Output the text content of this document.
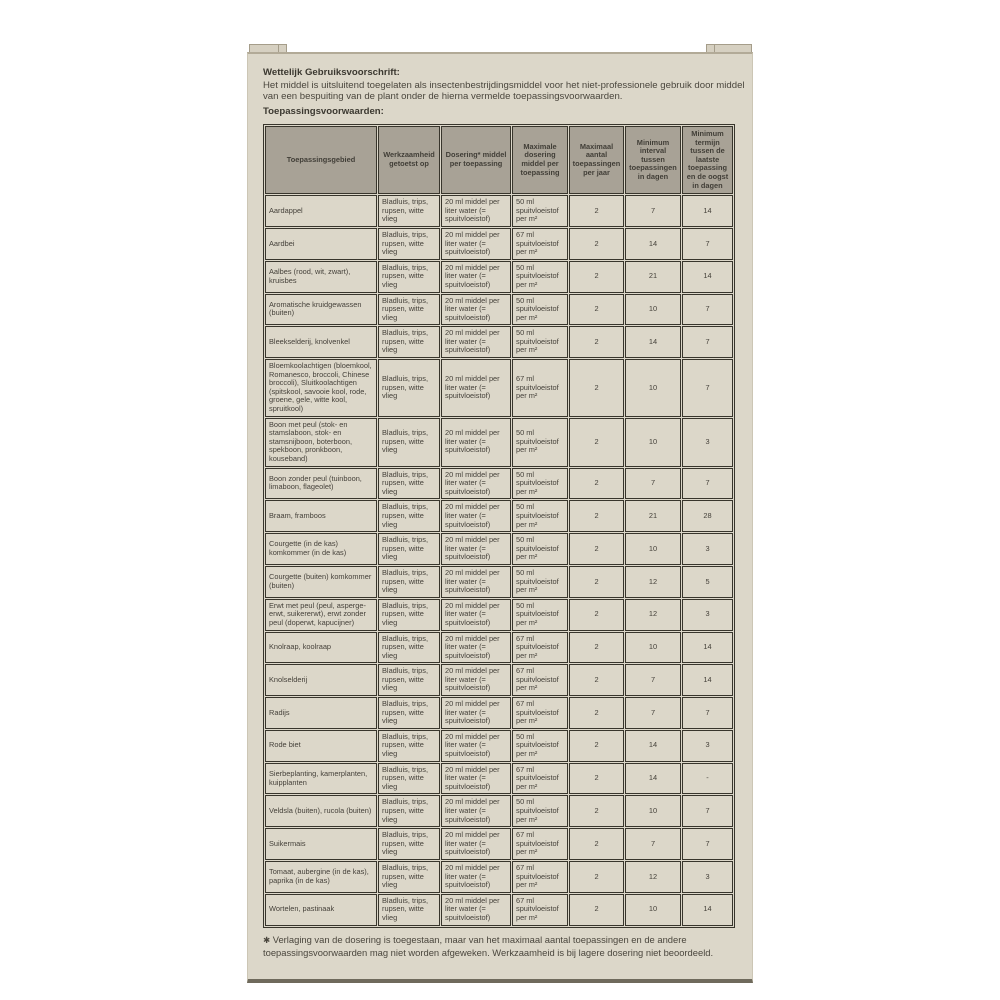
Wettelijk Gebruiksvoorschrift:

Het middel is uitsluitend toegelaten als insectenbestrijdingsmiddel voor het niet-professionele gebruik door middel van een bespuiting van de plant onder de hierna vermelde toepassingsvoorwaarden.

Toepassingsvoorwaarden:

Toepassingsgebied	Werkzaamheid getoetst op	Dosering* middel per toepassing	Maximale dosering middel per toepassing	Maximaal aantal toepassingen per jaar	Minimum interval tussen toepassingen in dagen	Minimum termijn tussen de laatste toepassing en de oogst in dagen
Aardappel	Bladluis, trips, rupsen, witte vlieg	20 ml middel per liter water (= spuitvloeistof)	50 ml spuitvloeistof per m²	2	7	14
Aardbei	Bladluis, trips, rupsen, witte vlieg	20 ml middel per liter water (= spuitvloeistof)	67 ml spuitvloeistof per m²	2	14	7
Aalbes (rood, wit, zwart), kruisbes	Bladluis, trips, rupsen, witte vlieg	20 ml middel per liter water (= spuitvloeistof)	50 ml spuitvloeistof per m²	2	21	14
Aromatische kruidgewassen (buiten)	Bladluis, trips, rupsen, witte vlieg	20 ml middel per liter water (= spuitvloeistof)	50 ml spuitvloeistof per m²	2	10	7
Bleekselderij, knolvenkel	Bladluis, trips, rupsen, witte vlieg	20 ml middel per liter water (= spuitvloeistof)	50 ml spuitvloeistof per m²	2	14	7
Bloemkoolachtigen (bloemkool, Romanesco, broccoli, Chinese broccoli), Sluitkoolachtigen (spitskool, savooie kool, rode, groene, gele, witte kool, spruitkool)	Bladluis, trips, rupsen, witte vlieg	20 ml middel per liter water (= spuitvloeistof)	67 ml spuitvloeistof per m²	2	10	7
Boon met peul (stok- en stamslaboon, stok- en stamsnijboon, boterboon, spekboon, pronkboon, kouseband)	Bladluis, trips, rupsen, witte vlieg	20 ml middel per liter water (= spuitvloeistof)	50 ml spuitvloeistof per m²	2	10	3
Boon zonder peul (tuinboon, limaboon, flageolet)	Bladluis, trips, rupsen, witte vlieg	20 ml middel per liter water (= spuitvloeistof)	50 ml spuitvloeistof per m²	2	7	7
Braam, framboos	Bladluis, trips, rupsen, witte vlieg	20 ml middel per liter water (= spuitvloeistof)	50 ml spuitvloeistof per m²	2	21	28
Courgette (in de kas) komkommer (in de kas)	Bladluis, trips, rupsen, witte vlieg	20 ml middel per liter water (= spuitvloeistof)	50 ml spuitvloeistof per m²	2	10	3
Courgette (buiten) komkommer (buiten)	Bladluis, trips, rupsen, witte vlieg	20 ml middel per liter water (= spuitvloeistof)	50 ml spuitvloeistof per m²	2	12	5
Erwt met peul (peul, asperge-erwt, suikererwt), erwt zonder peul (doperwt, kapucijner)	Bladluis, trips, rupsen, witte vlieg	20 ml middel per liter water (= spuitvloeistof)	50 ml spuitvloeistof per m²	2	12	3
Knolraap, koolraap	Bladluis, trips, rupsen, witte vlieg	20 ml middel per liter water (= spuitvloeistof)	67 ml spuitvloeistof per m²	2	10	14
Knolselderij	Bladluis, trips, rupsen, witte vlieg	20 ml middel per liter water (= spuitvloeistof)	67 ml spuitvloeistof per m²	2	7	14
Radijs	Bladluis, trips, rupsen, witte vlieg	20 ml middel per liter water (= spuitvloeistof)	67 ml spuitvloeistof per m²	2	7	7
Rode biet	Bladluis, trips, rupsen, witte vlieg	20 ml middel per liter water (= spuitvloeistof)	50 ml spuitvloeistof per m²	2	14	3
Sierbeplanting, kamerplanten, kuipplanten	Bladluis, trips, rupsen, witte vlieg	20 ml middel per liter water (= spuitvloeistof)	67 ml spuitvloeistof per m²	2	14	-
Veldsla (buiten), rucola (buiten)	Bladluis, trips, rupsen, witte vlieg	20 ml middel per liter water (= spuitvloeistof)	50 ml spuitvloeistof per m²	2	10	7
Suikermais	Bladluis, trips, rupsen, witte vlieg	20 ml middel per liter water (= spuitvloeistof)	67 ml spuitvloeistof per m²	2	7	7
Tomaat, aubergine (in de kas), paprika (in de kas)	Bladluis, trips, rupsen, witte vlieg	20 ml middel per liter water (= spuitvloeistof)	67 ml spuitvloeistof per m²	2	12	3
Wortelen, pastinaak	Bladluis, trips, rupsen, witte vlieg	20 ml middel per liter water (= spuitvloeistof)	67 ml spuitvloeistof per m²	2	10	14

✱ Verlaging van de dosering is toegestaan, maar van het maximaal aantal toepassingen en de andere toepassingsvoorwaarden mag niet worden afgeweken. Werkzaamheid is bij lagere dosering niet beoordeeld.
